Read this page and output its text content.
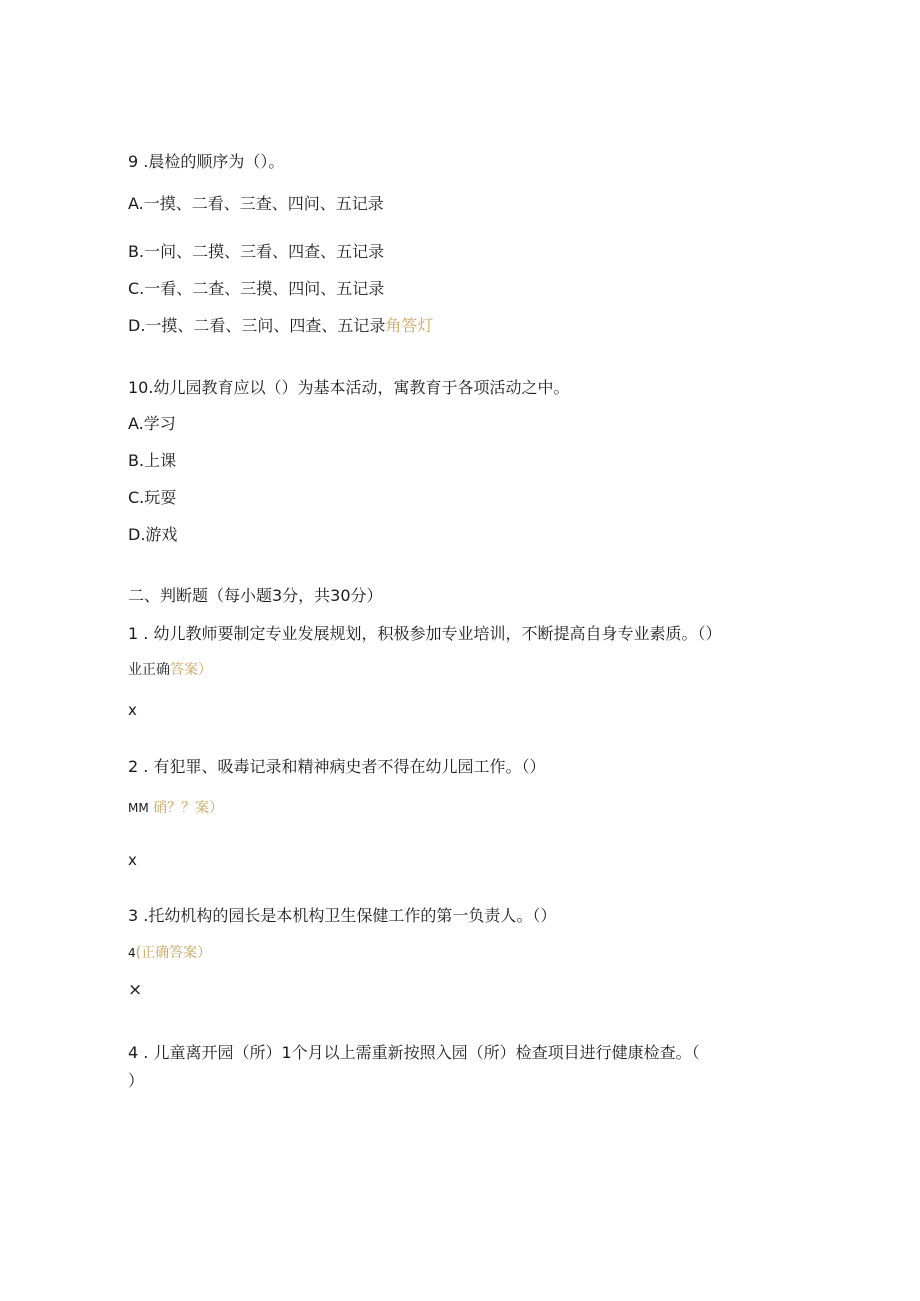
9 .晨检的顺序为（）。
A.一摸、二看、三查、四问、五记录
B.一问、二摸、三看、四查、五记录
C.一看、二查、三摸、四问、五记录
D.一摸、二看、三问、四查、五记录角答灯
10.幼儿园教育应以（）为基本活动，寓教育于各项活动之中。
A.学习
B.上课
C.玩耍
D.游戏
二、判断题（每小题3分，共30分）
1 . 幼儿教师要制定专业发展规划，积极参加专业培训，不断提高自身专业素质。（）
业正确答案）
x
2 . 有犯罪、吸毒记录和精神病史者不得在幼儿园工作。（）
MM 硝？？案）
x
3 .托幼机构的园长是本机构卫生保健工作的第一负责人。（）
4(正确答案）
×
4 . 儿童离开园（所）1个月以上需重新按照入园（所）检查项目进行健康检查。（
）
